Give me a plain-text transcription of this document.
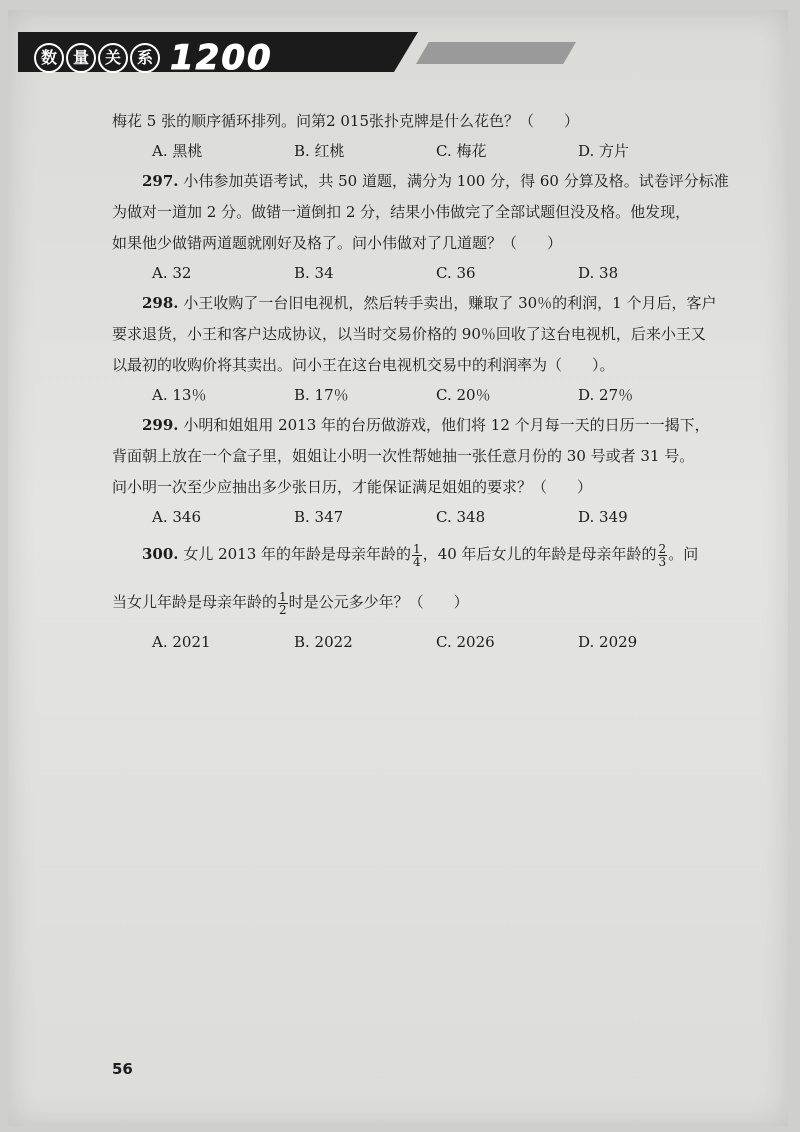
数 量 关 系 1200
梅花 5 张的顺序循环排列。问第2 015张扑克牌是什么花色？（　　）
A. 黑桃	B. 红桃	C. 梅花	D. 方片
297. 小伟参加英语考试，共 50 道题，满分为 100 分，得 60 分算及格。试卷评分标准
为做对一道加 2 分。做错一道倒扣 2 分，结果小伟做完了全部试题但没及格。他发现，
如果他少做错两道题就刚好及格了。问小伟做对了几道题？（　　）
A. 32	B. 34	C. 36	D. 38
298. 小王收购了一台旧电视机，然后转手卖出，赚取了 30％的利润，1 个月后，客户
要求退货，小王和客户达成协议，以当时交易价格的 90％回收了这台电视机，后来小王又
以最初的收购价将其卖出。问小王在这台电视机交易中的利润率为（　　）。
A. 13％	B. 17％	C. 20％	D. 27％
299. 小明和姐姐用 2013 年的台历做游戏，他们将 12 个月每一天的日历一一揭下，
背面朝上放在一个盒子里，姐姐让小明一次性帮她抽一张任意月份的 30 号或者 31 号。
问小明一次至少应抽出多少张日历，才能保证满足姐姐的要求？（　　）
A. 346	B. 347	C. 348	D. 349
300. 女儿 2013 年的年龄是母亲年龄的 $\frac{1}{4}$ ，40 年后女儿的年龄是母亲年龄的 $\frac{2}{3}$ 。问
当女儿年龄是母亲年龄的 $\frac{1}{2}$ 时是公元多少年？（　　）
A. 2021	B. 2022	C. 2026	D. 2029
56
